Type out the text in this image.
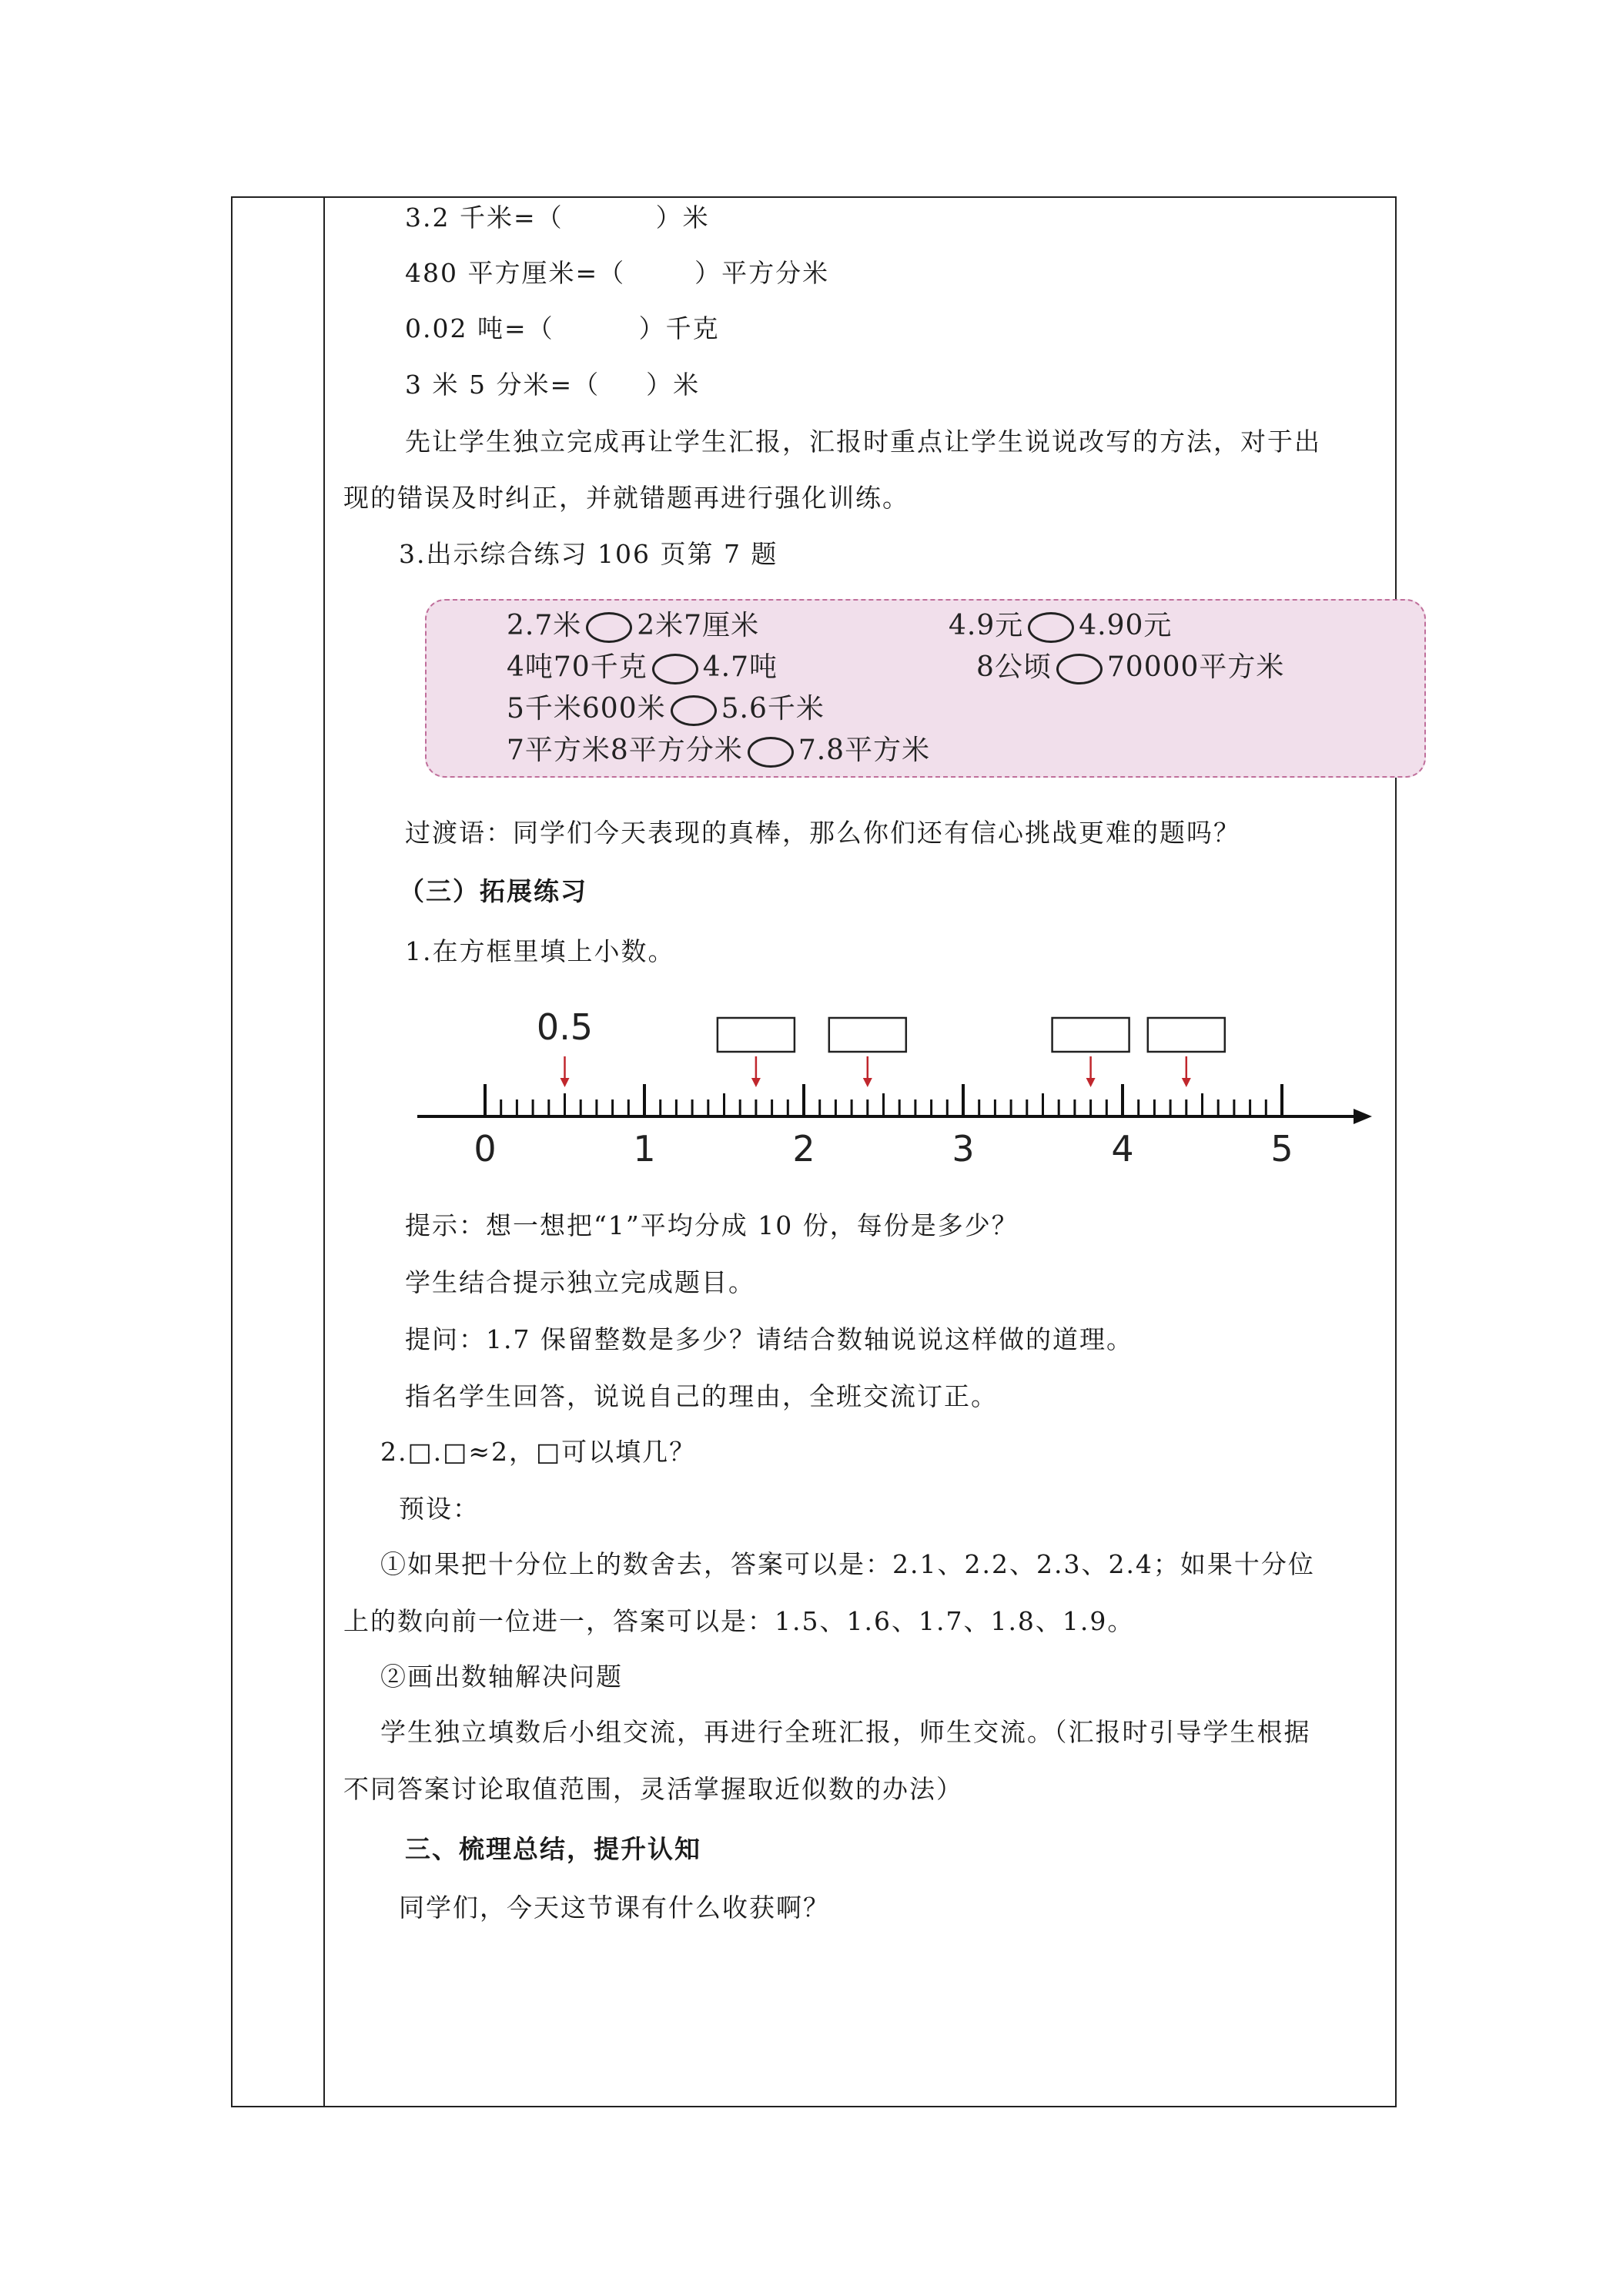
3.2 千米=（	）米
480 平方厘米=（	）平方分米
0.02 吨=（	）千克
3 米 5 分米=（ ）米
先让学生独立完成再让学生汇报，汇报时重点让学生说说改写的方法，对于出
现的错误及时纠正，并就错题再进行强化训练。
3.出示综合练习 106 页第 7 题
2.7米 2米7厘米	4.9元 4.90元
4吨70千克 4.7吨	8公顷 70000平方米
5千米600米 5.6千米
7平方米8平方分米 7.8平方米
过渡语：同学们今天表现的真棒，那么你们还有信心挑战更难的题吗？
（三）拓展练习
1.在方框里填上小数。
0	1	2	3	4	5
0.5
提示：想一想把“1”平均分成 10 份，每份是多少？
学生结合提示独立完成题目。
提问：1.7 保留整数是多少？请结合数轴说说这样做的道理。
指名学生回答，说说自己的理由，全班交流订正。
2.□.□≈2，□可以填几？
预设：
①如果把十分位上的数舍去，答案可以是：2.1、2.2、2.3、2.4；如果十分位
上的数向前一位进一，答案可以是：1.5、1.6、1.7、1.8、1.9。
②画出数轴解决问题
学生独立填数后小组交流，再进行全班汇报，师生交流。（汇报时引导学生根据
不同答案讨论取值范围，灵活掌握取近似数的办法）
三、梳理总结，提升认知
同学们，今天这节课有什么收获啊？
